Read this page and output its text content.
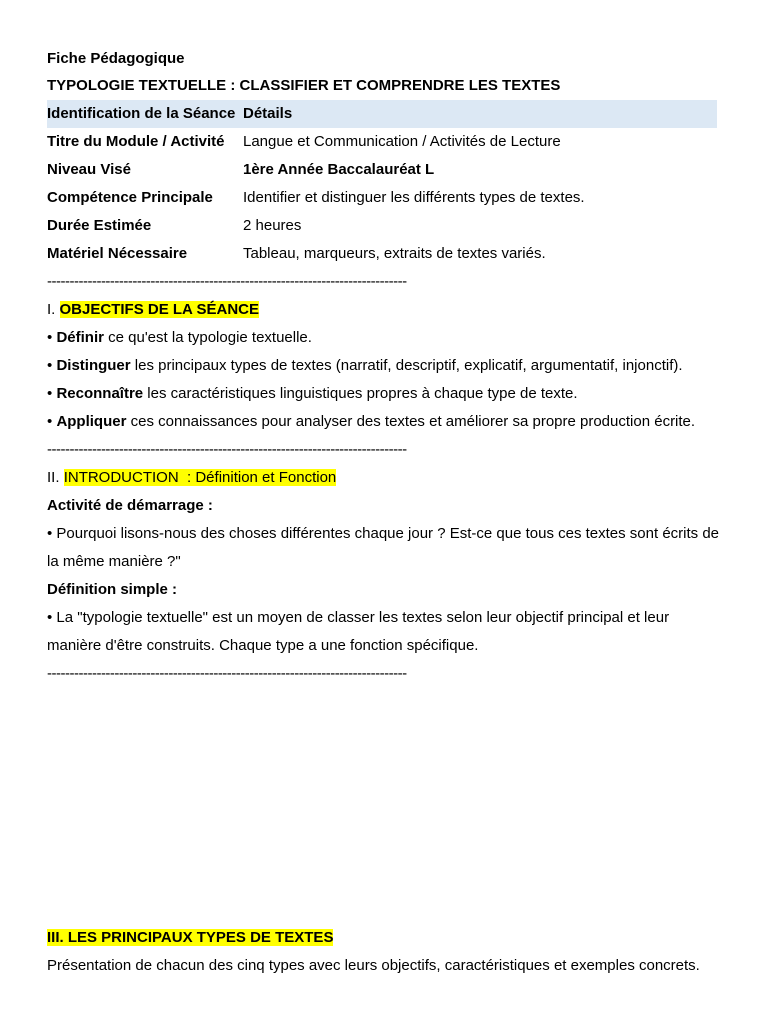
Fiche Pédagogique
TYPOLOGIE TEXTUELLE : CLASSIFIER ET COMPRENDRE LES TEXTES
Identification de la Séance	Détails
Titre du Module / Activité	Langue et Communication / Activités de Lecture
Niveau Visé	1ère Année Baccalauréat L
Compétence Principale	Identifier et distinguer les différents types de textes.
Durée Estimée	2 heures
Matériel Nécessaire	Tableau, marqueurs, extraits de textes variés.
--------------------------------------------------------------------------------
I. OBJECTIFS DE LA SÉANCE
• Définir ce qu'est la typologie textuelle.
• Distinguer les principaux types de textes (narratif, descriptif, explicatif, argumentatif, injonctif).
• Reconnaître les caractéristiques linguistiques propres à chaque type de texte.
• Appliquer ces connaissances pour analyser des textes et améliorer sa propre production écrite.
--------------------------------------------------------------------------------
II. INTRODUCTION  : Définition et Fonction
Activité de démarrage :
• Pourquoi lisons-nous des choses différentes chaque jour ? Est-ce que tous ces textes sont écrits de la même manière ?"
Définition simple :
• La "typologie textuelle" est un moyen de classer les textes selon leur objectif principal et leur manière d'être construits. Chaque type a une fonction spécifique.
--------------------------------------------------------------------------------
III. LES PRINCIPAUX TYPES DE TEXTES
Présentation de chacun des cinq types avec leurs objectifs, caractéristiques et exemples concrets.
